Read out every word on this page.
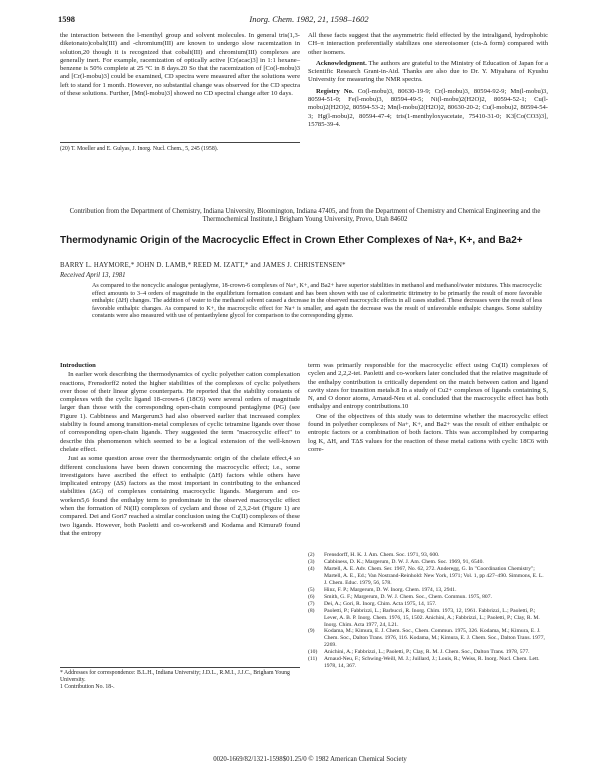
1598	Inorg. Chem. 1982, 21, 1598–1602

the interaction between the l-menthyl group and solvent molecules. In general tris(1,3-diketonato)cobalt(III) and -chromium(III) are known to undergo slow racemization in solution,20 though it is recognized that cobalt(III) and chromium(III) complexes are generally inert. For example, racemization of optically active [Cr(acac)3] in 1:1 hexane–benzene is 50% complete at 25 °C in 8 days.20 So that the racemization of [Co(l-mobu)3 and [Cr(l-mobu)3] could be examined, CD spectra were measured after the solutions were left to stand for 1 month. However, no substantial change was observed for the CD spectra of these solutions. Further, [Mn(l-mobu)3] showed no CD spectral change after 10 days.

(20) T. Moeller and E. Gulyas, J. Inorg. Nucl. Chem., 5, 245 (1958).

All these facts suggest that the asymmetric field effected by the intraligand, hydrophobic CH–π interaction preferentially stabilizes one stereoisomer (cis-Δ form) compared with other isomers.

Acknowledgment. The authors are grateful to the Ministry of Education of Japan for a Scientific Research Grant-in-Aid. Thanks are also due to Dr. Y. Miyahara of Kyushu University for measuring the NMR spectra.

Registry No. Co(l-mobu)3, 80630-19-9; Cr(l-mobu)3, 80594-92-9; Mn(l-mobu)3, 80594-51-0; Fe(l-mobu)3, 80594-49-5; Ni(l-mobu)2(H2O)2, 80594-52-1; Cu(l-mobu)2(H2O)2, 80594-53-2; Mn(l-mobu)2(H2O)2, 80630-20-2; Cu(l-mobu)2, 80594-54-3; Hg(l-mobu)2, 80594-47-4; tris(1-menthyloxyacetate, 75410-31-0; K3[Co(CO3)3], 15785-39-4.

Contribution from the Department of Chemistry, Indiana University, Bloomington, Indiana 47405, and from the Department of Chemistry and Chemical Engineering and the Thermochemical Institute,1 Brigham Young University, Provo, Utah 84602
Thermodynamic Origin of the Macrocyclic Effect in Crown Ether Complexes of Na+, K+, and Ba2+
BARRY L. HAYMORE,* JOHN D. LAMB,* REED M. IZATT,* and JAMES J. CHRISTENSEN*
Received April 13, 1981
As compared to the noncyclic analogue pentaglyme, 18-crown-6 complexes of Na+, K+, and Ba2+ have superior stabilities in methanol and methanol/water mixtures. This macrocyclic effect amounts to 3–4 orders of magnitude in the equilibrium formation constant and has been shown with use of calorimetric titrimetry to be primarily the result of more favorable enthalpic (ΔH) changes. The addition of water to the methanol solvent caused a decrease in the observed macrocyclic effects in all cases studied. These decreases were the result of less favorable enthalpic changes. As compared to K+, the macrocyclic effect for Na+ is smaller, and again the decrease was the result of unfavorable enthalpic changes. Some stability constants were also measured with use of pentaethylene glycol for comparison to the corresponding glyme.
Introduction

In earlier work describing the thermodynamics of cyclic polyether cation complexation reactions, Frensdorff2 noted the higher stabilities of the complexes of cyclic polyethers over those of their linear glyme counterparts. He reported that the stability constants of complexes with the cyclic ligand 18-crown-6 (18C6) were several orders of magnitude larger than those with the corresponding open-chain compound pentaglyme (PG) (see Figure 1). Cabbiness and Margerum3 had also observed earlier that increased complex stability is found among transition-metal complexes of cyclic tetramine ligands over those of corresponding open-chain ligands. They suggested the term "macrocyclic effect" to describe this phenomenon which seemed to be a logical extension of the well-known chelate effect.

Just as some question arose over the thermodynamic origin of the chelate effect,4 so different conclusions have been drawn concerning the macrocyclic effect; i.e., some investigators have ascribed the effect to enthalpic (ΔH) factors while others have implicated entropy (ΔS) factors as the most important in contributing to the enhanced stabilities (ΔG) of complexes containing macrocyclic ligands. Margerum and co-workers5,6 found the enthalpy term to predominate in the observed macrocyclic effect when the formation of Ni(II) complexes of cyclam and those of 2,3,2-tet (Figure 1) are compared. Dei and Gori7 reached a similar conclusion using the Cu(II) complexes of these two ligands. However, both Paoletti and co-workers8 and Kodama and Kimura9 found that the entropy

* Addresses for correspondence: B.L.H., Indiana University; J.D.L., R.M.I., J.J.C., Brigham Young University.
1 Contribution No. 18-.

term was primarily responsible for the macrocyclic effect using Cu(II) complexes of cyclen and 2,2,2-tet. Paoletti and co-workers later concluded that the relative magnitude of the enthalpy contribution is critically dependent on the match between cation and ligand cavity sizes for transition metals.8 In a study of Cu2+ complexes of ligands containing S, N, and O donor atoms, Arnaud-Neu et al. concluded that the macrocyclic effect has both enthalpy and entropy contributions.10

One of the objectives of this study was to determine whether the macrocyclic effect found in polyether complexes of Na+, K+, and Ba2+ was the result of either enthalpic or entropic factors or a combination of both factors. This was accomplished by comparing log K, ΔH, and TΔS values for the reaction of these metal cations with cyclic 18C6 with corre-

(2)	Frensdorff, H. K. J. Am. Chem. Soc. 1971, 93, 600.
(3)	Cabbiness, D. K.; Margerum, D. W. J. Am. Chem. Soc. 1969, 91, 6540.
(4)	Martell, A. E. Adv. Chem. Ser. 1967, No. 62, 272. Anderegg, G. In "Coordination Chemistry"; Martell, A. E., Ed.; Van Nostrand-Reinhold: New York, 1971; Vol. 1, pp 427–490. Simmons, E. L. J. Chem. Educ. 1979, 56, 578.
(5)	Hinz, F. P.; Margerum, D. W. Inorg. Chem. 1974, 13, 2941.
(6)	Smith, G. F.; Margerum, D. W. J. Chem. Soc., Chem. Commun. 1975, 807.
(7)	Dei, A.; Gori, R. Inorg. Chim. Acta 1975, 14, 157.
(8)	Paoletti, P.; Fabbrizzi, L.; Barbucci, R. Inorg. Chim. 1973, 12, 1961. Fabbrizzi, L.; Paoletti, P.; Lever, A. B. P. Inorg. Chem. 1976, 15, 1502. Anichini, A.; Fabbrizzi, L.; Paoletti, P.; Clay, R. M. Inorg. Chim. Acta 1977, 24, L21.
(9)	Kodama, M.; Kimura, E. J. Chem. Soc., Chem. Commun. 1975, 326. Kodama, M.; Kimura, E. J. Chem. Soc., Dalton Trans. 1976, 116. Kodama, M.; Kimura, E. J. Chem. Soc., Dalton Trans. 1977, 2269.
(10)	Anichini, A.; Fabbrizzi, L.; Paoletti, P.; Clay, R. M. J. Chem. Soc., Dalton Trans. 1978, 577.
(11)	Arnaud-Neu, F.; Schwing-Weill, M. J.; Juillard, J.; Louis, R.; Weiss, R. Inorg. Nucl. Chem. Lett. 1978, 14, 367.
0020-1669/82/1321-1598$01.25/0 © 1982 American Chemical Society
